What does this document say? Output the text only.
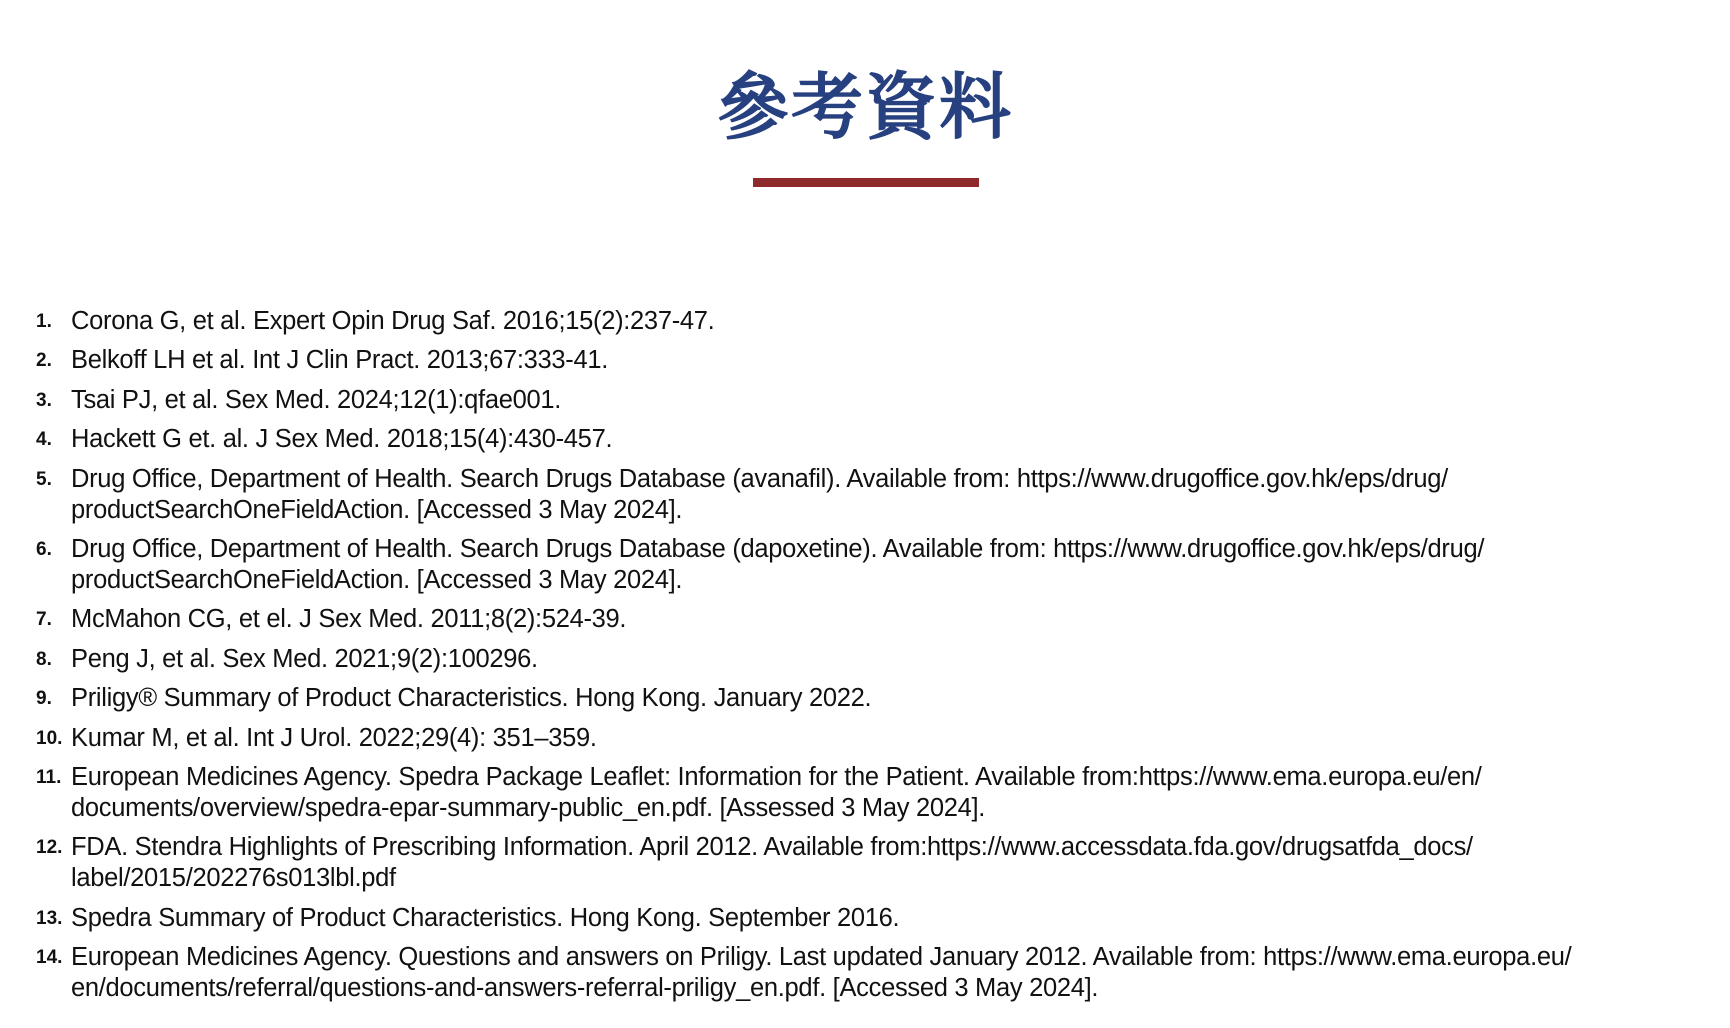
參考資料
1. Corona G, et al. Expert Opin Drug Saf. 2016;15(2):237-47.
2. Belkoff LH et al. Int J Clin Pract. 2013;67:333-41.
3. Tsai PJ, et al. Sex Med. 2024;12(1):qfae001.
4. Hackett G et. al. J Sex Med. 2018;15(4):430-457.
5. Drug Office, Department of Health. Search Drugs Database (avanafil). Available from: https://www.drugoffice.gov.hk/eps/drug/
productSearchOneFieldAction. [Accessed 3 May 2024].
6. Drug Office, Department of Health. Search Drugs Database (dapoxetine). Available from: https://www.drugoffice.gov.hk/eps/drug/
productSearchOneFieldAction. [Accessed 3 May 2024].
7. McMahon CG, et el. J Sex Med. 2011;8(2):524-39.
8. Peng J, et al. Sex Med. 2021;9(2):100296.
9. Priligy® Summary of Product Characteristics. Hong Kong. January 2022.
10. Kumar M, et al. Int J Urol. 2022;29(4): 351–359.
11. European Medicines Agency. Spedra Package Leaflet: Information for the Patient. Available from:https://www.ema.europa.eu/en/
documents/overview/spedra-epar-summary-public_en.pdf. [Assessed 3 May 2024].
12. FDA. Stendra Highlights of Prescribing Information. April 2012. Available from:https://www.accessdata.fda.gov/drugsatfda_docs/
label/2015/202276s013lbl.pdf
13. Spedra Summary of Product Characteristics. Hong Kong. September 2016.
14. European Medicines Agency. Questions and answers on Priligy. Last updated January 2012. Available from: https://www.ema.europa.eu/
en/documents/referral/questions-and-answers-referral-priligy_en.pdf. [Accessed 3 May 2024].
